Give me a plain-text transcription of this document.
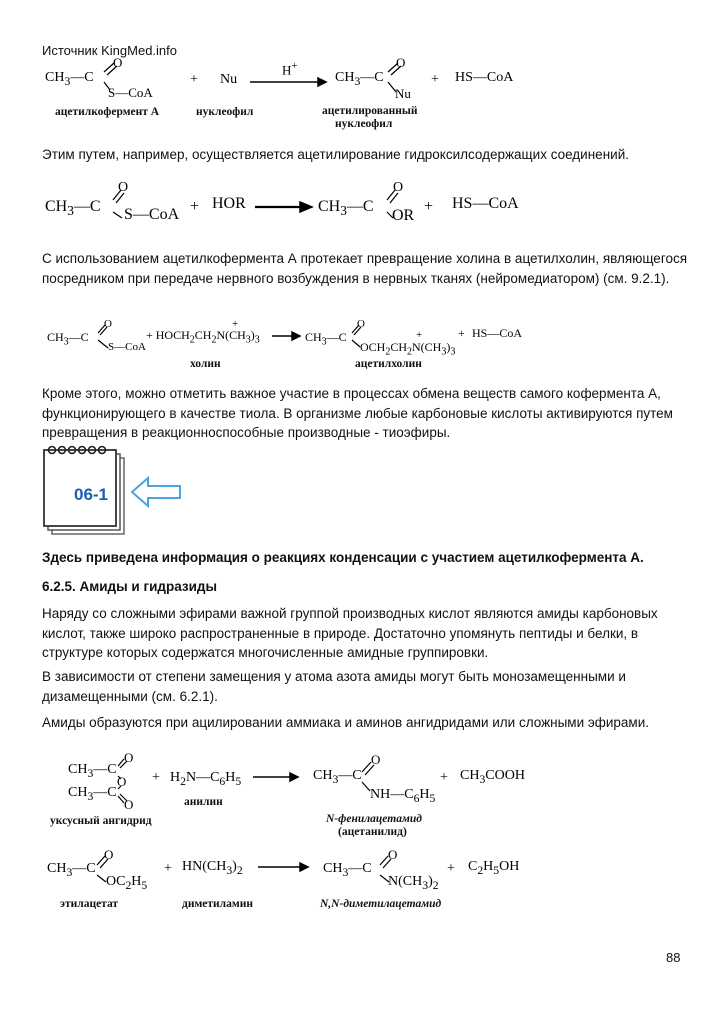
Источник KingMed.info
$CH_3—C$
O
S—CoA
+ Nu
H+
$CH_3—C$
O
Nu
+ HS—CoA
ацетилкофермент А	нуклеофил	ацетилированный
нуклеофил
Этим путем, например, осуществляется ацетилирование гидроксилсодержащих соединений.
$CH_3—C$
O
S—CoA + HOR	$CH_3—C$
O
OR
+ HS—CoA
С использованием ацетилкофермента А протекает превращение холина в ацетилхолин, являющегося посредником при передаче нервного возбуждения в нервных тканях (нейромедиатором) (см. 9.2.1).
$CH_3—C$
O
S—CoA
+ $HOCH_2CH_2N(CH_3)_3$
+
$CH_3—C$
O
$OCH_2CH_2N(CH_3)_3$
+	+ HS—CoA
холин	ацетилхолин
Кроме этого, можно отметить важное участие в процессах обмена веществ самого кофермента А, функционирующего в качестве тиола. В организме любые карбоновые кислоты активируются путем превращения в реакционноспособные производные - тиоэфиры.
06-1
Здесь приведена информация о реакциях конденсации с участием ацетилкофермента А.
6.2.5. Амиды и гидразиды
Наряду со сложными эфирами важной группой производных кислот являются амиды карбоновых кислот, также широко распространенные в природе. Достаточно упомянуть пептиды и белки, в структуре которых содержатся многочисленные амидные группировки.
В зависимости от степени замещения у атома азота амиды могут быть монозамещенными и дизамещенными (см. 6.2.1).
Амиды образуются при ацилировании аммиака и аминов ангидридами или сложными эфирами.
$CH_3—C$
O
O
$CH_3—C$
O
+ $H_2N—C_6H_5$	$CH_3—C$
O
$NH—C_6H_5$
+ $CH_3COOH$
уксусный ангидрид
анилин
N-фенилацетамид
(ацетанилид)
$CH_3—C$
O
$OC_2H_5$
+ $HN(CH_3)_2$	$CH_3—C$
O
$N(CH_3)_2$
+ $C_2H_5OH$
этилацетат	диметиламин	N,N-диметилацетамид
88
